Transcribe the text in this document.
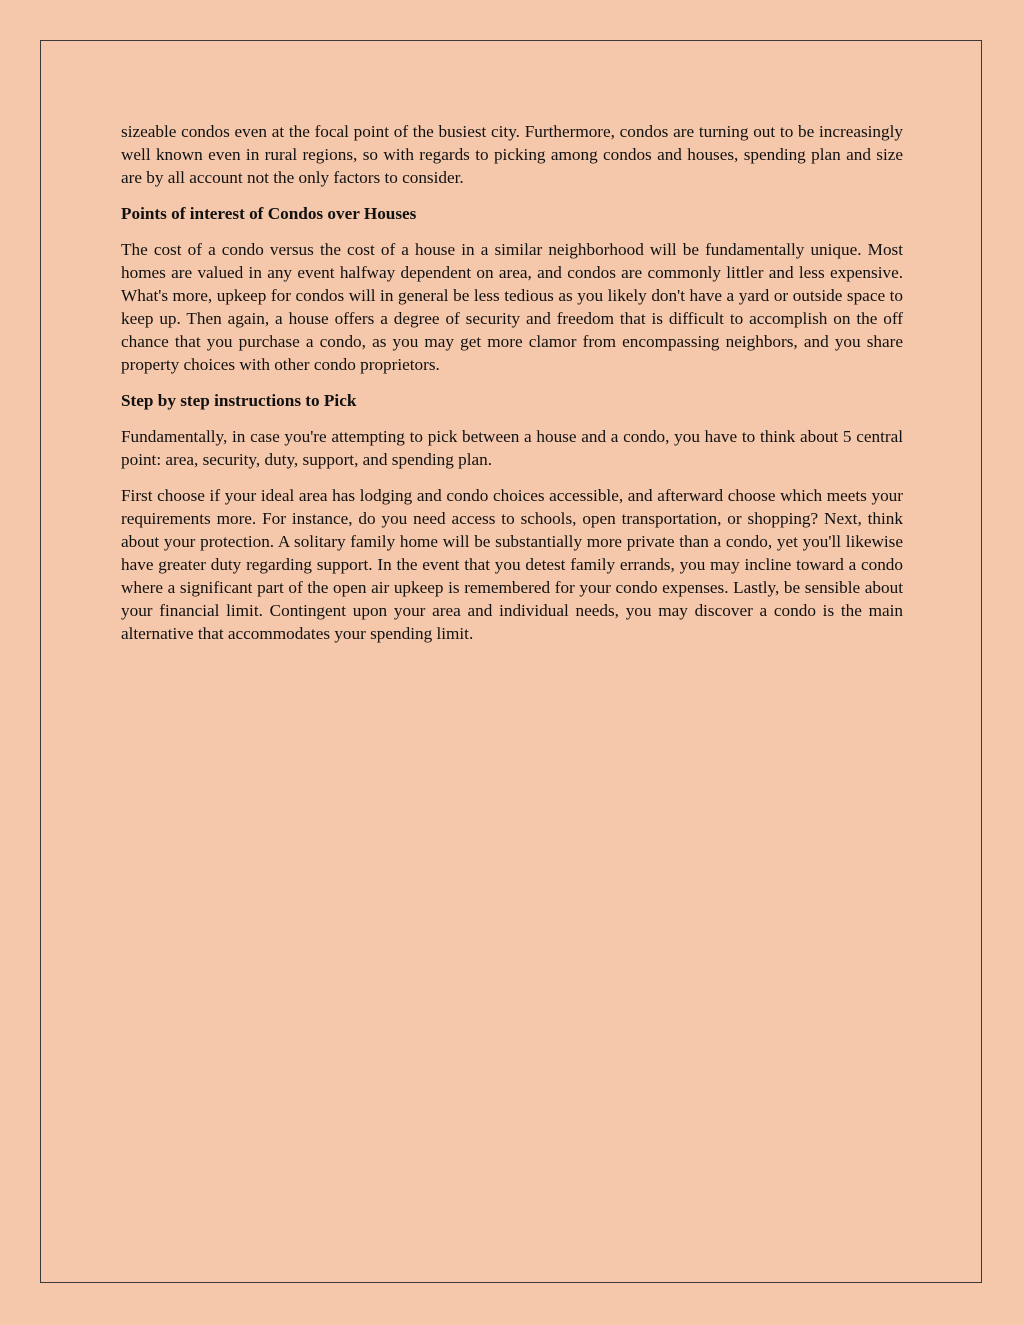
sizeable condos even at the focal point of the busiest city. Furthermore, condos are turning out to be increasingly well known even in rural regions, so with regards to picking among condos and houses, spending plan and size are by all account not the only factors to consider.

Points of interest of Condos over Houses

The cost of a condo versus the cost of a house in a similar neighborhood will be fundamentally unique. Most homes are valued in any event halfway dependent on area, and condos are commonly littler and less expensive. What's more, upkeep for condos will in general be less tedious as you likely don't have a yard or outside space to keep up. Then again, a house offers a degree of security and freedom that is difficult to accomplish on the off chance that you purchase a condo, as you may get more clamor from encompassing neighbors, and you share property choices with other condo proprietors.

Step by step instructions to Pick

Fundamentally, in case you're attempting to pick between a house and a condo, you have to think about 5 central point: area, security, duty, support, and spending plan.

First choose if your ideal area has lodging and condo choices accessible, and afterward choose which meets your requirements more. For instance, do you need access to schools, open transportation, or shopping? Next, think about your protection. A solitary family home will be substantially more private than a condo, yet you'll likewise have greater duty regarding support. In the event that you detest family errands, you may incline toward a condo where a significant part of the open air upkeep is remembered for your condo expenses. Lastly, be sensible about your financial limit. Contingent upon your area and individual needs, you may discover a condo is the main alternative that accommodates your spending limit.
